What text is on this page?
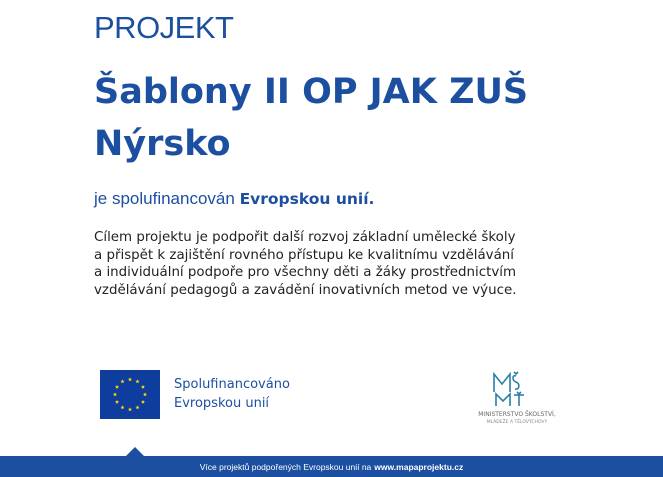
PROJEKT
Šablony II OP JAK ZUŠ
Nýrsko
je spolufinancován Evropskou unií.
Cílem projektu je podpořit další rozvoj základní umělecké školy
a přispět k zajištění rovného přístupu ke kvalitnímu vzdělávání
a individuální podpoře pro všechny děti a žáky prostřednictvím
vzdělávání pedagogů a zavádění inovativních metod ve výuce.
Spolufinancováno
Evropskou unií
MINISTERSTVO ŠKOLSTVÍ,
MLÁDEŽE A TĚLOVÝCHOVY
Více projektů podpořených Evropskou unií na www.mapaprojektu.cz
